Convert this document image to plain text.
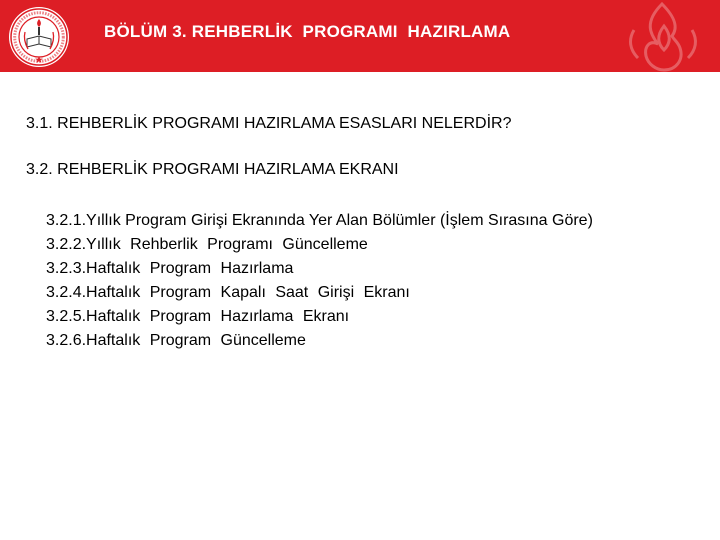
BÖLÜM 3. REHBERLİK  PROGRAMI  HAZIRLAMA
3.1. REHBERLİK PROGRAMI HAZIRLAMA ESASLARI NELERDİR?
3.2. REHBERLİK PROGRAMI HAZIRLAMA EKRANI

3.2.1.Yıllık Program Girişi Ekranında Yer Alan Bölümler (İşlem Sırasına Göre)

3.2.2.Yıllık Rehberlik Programı Güncelleme

3.2.3.Haftalık Program Hazırlama

3.2.4.Haftalık Program Kapalı Saat Girişi Ekranı

3.2.5.Haftalık Program Hazırlama Ekranı

3.2.6.Haftalık Program Güncelleme
